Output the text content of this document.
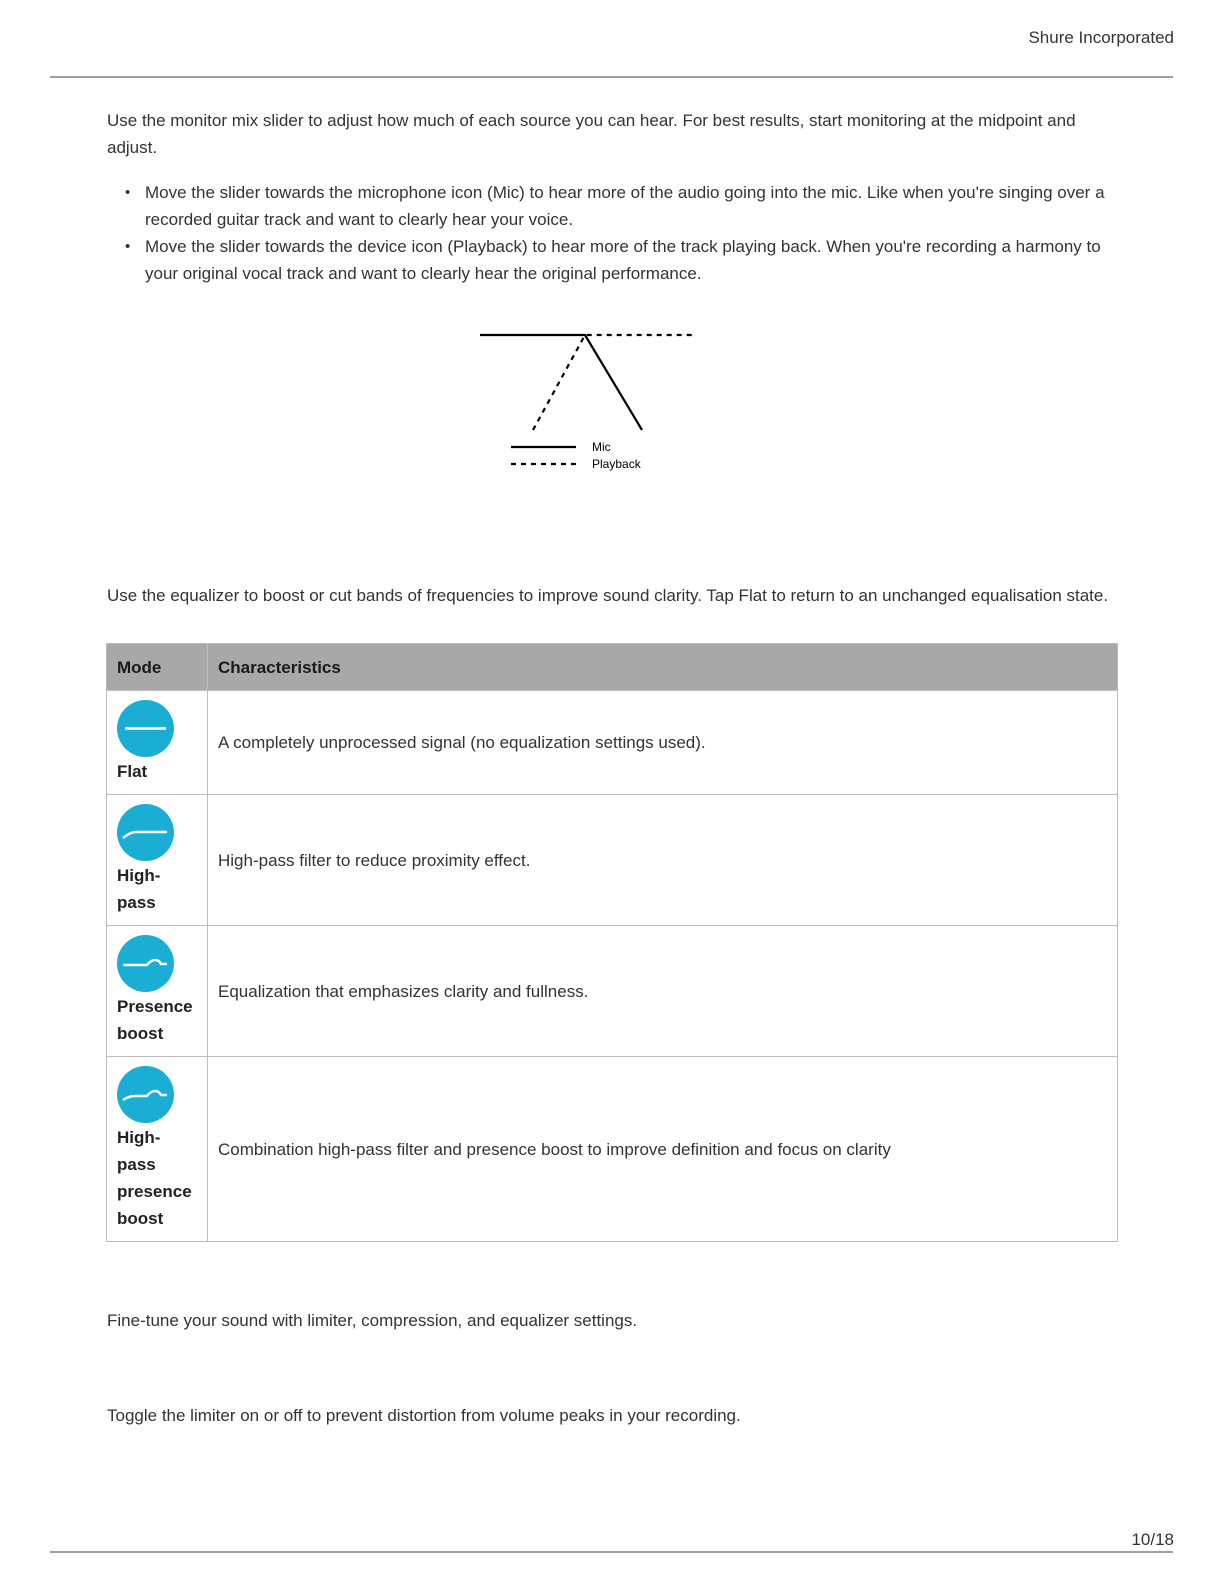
Shure Incorporated

Use the monitor mix slider to adjust how much of each source you can hear. For best results, start monitoring at the midpoint and adjust.

• Move the slider towards the microphone icon (Mic) to hear more of the audio going into the mic. Like when you're singing over a recorded guitar track and want to clearly hear your voice.
• Move the slider towards the device icon (Playback) to hear more of the track playing back. When you're recording a harmony to your original vocal track and want to clearly hear the original performance.
Mic
Playback

Use the equalizer to boost or cut bands of frequencies to improve sound clarity. Tap Flat to return to an unchanged equalisation state.

Mode	Characteristics

Flat	A completely unprocessed signal (no equalization settings used).

High-pass	High-pass filter to reduce proximity effect.

Presence boost	Equalization that emphasizes clarity and fullness.

High-pass presence boost	Combination high-pass filter and presence boost to improve definition and focus on clarity

Fine-tune your sound with limiter, compression, and equalizer settings.

Toggle the limiter on or off to prevent distortion from volume peaks in your recording.

10/18
